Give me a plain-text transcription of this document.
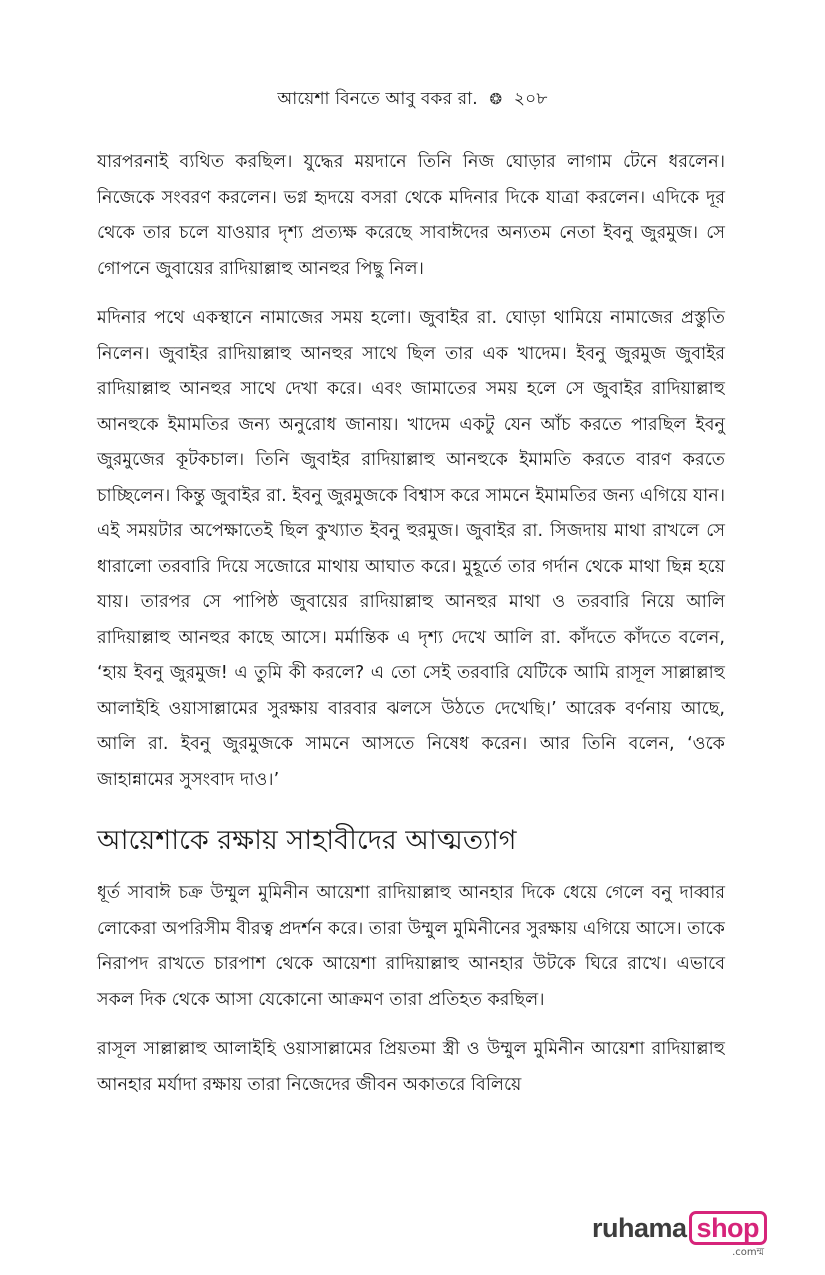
আয়েশা বিনতে আবু বকর রা. ❂ ২০৮

যারপরনাই ব্যথিত করছিল। যুদ্ধের ময়দানে তিনি নিজ ঘোড়ার লাগাম টেনে ধরলেন। নিজেকে সংবরণ করলেন। ভগ্ন হৃদয়ে বসরা থেকে মদিনার দিকে যাত্রা করলেন। এদিকে দূর থেকে তার চলে যাওয়ার দৃশ্য প্রত্যক্ষ করেছে সাবাঈদের অন্যতম নেতা ইবনু জুরমুজ। সে গোপনে জুবায়ের রাদিয়াল্লাহু আনহুর পিছু নিল।

মদিনার পথে একস্থানে নামাজের সময় হলো। জুবাইর রা. ঘোড়া থামিয়ে নামাজের প্রস্তুতি নিলেন। জুবাইর রাদিয়াল্লাহু আনহুর সাথে ছিল তার এক খাদেম। ইবনু জুরমুজ জুবাইর রাদিয়াল্লাহু আনহুর সাথে দেখা করে। এবং জামাতের সময় হলে সে জুবাইর রাদিয়াল্লাহু আনহুকে ইমামতির জন্য অনুরোধ জানায়। খাদেম একটু যেন আঁচ করতে পারছিল ইবনু জুরমুজের কূটকচাল। তিনি জুবাইর রাদিয়াল্লাহু আনহুকে ইমামতি করতে বারণ করতে চাচ্ছিলেন। কিন্তু জুবাইর রা. ইবনু জুরমুজকে বিশ্বাস করে সামনে ইমামতির জন্য এগিয়ে যান। এই সময়টার অপেক্ষাতেই ছিল কুখ্যাত ইবনু হুরমুজ। জুবাইর রা. সিজদায় মাথা রাখলে সে ধারালো তরবারি দিয়ে সজোরে মাথায় আঘাত করে। মুহূর্তে তার গর্দান থেকে মাথা ছিন্ন হয়ে যায়। তারপর সে পাপিষ্ঠ জুবায়ের রাদিয়াল্লাহু আনহুর মাথা ও তরবারি নিয়ে আলি রাদিয়াল্লাহু আনহুর কাছে আসে। মর্মান্তিক এ দৃশ্য দেখে আলি রা. কাঁদতে কাঁদতে বলেন, ‘হায় ইবনু জুরমুজ! এ তুমি কী করলে? এ তো সেই তরবারি যেটিকে আমি রাসূল সাল্লাল্লাহু আলাইহি ওয়াসাল্লামের সুরক্ষায় বারবার ঝলসে উঠতে দেখেছি।’ আরেক বর্ণনায় আছে, আলি রা. ইবনু জুরমুজকে সামনে আসতে নিষেধ করেন। আর তিনি বলেন, ‘ওকে জাহান্নামের সুসংবাদ দাও।’

আয়েশাকে রক্ষায় সাহাবীদের আত্মত্যাগ

ধূর্ত সাবাঈ চক্র উম্মুল মুমিনীন আয়েশা রাদিয়াল্লাহু আনহার দিকে ধেয়ে গেলে বনু দাব্বার লোকেরা অপরিসীম বীরত্ব প্রদর্শন করে। তারা উম্মুল মুমিনীনের সুরক্ষায় এগিয়ে আসে। তাকে নিরাপদ রাখতে চারপাশ থেকে আয়েশা রাদিয়াল্লাহু আনহার উটকে ঘিরে রাখে। এভাবে সকল দিক থেকে আসা যেকোনো আক্রমণ তারা প্রতিহত করছিল।

রাসূল সাল্লাল্লাহু আলাইহি ওয়াসাল্লামের প্রিয়তমা স্ত্রী ও উম্মুল মুমিনীন আয়েশা রাদিয়াল্লাহু আনহার মর্যাদা রক্ষায় তারা নিজেদের জীবন অকাতরে বিলিয়ে

ruhama shop
.comম্ম
